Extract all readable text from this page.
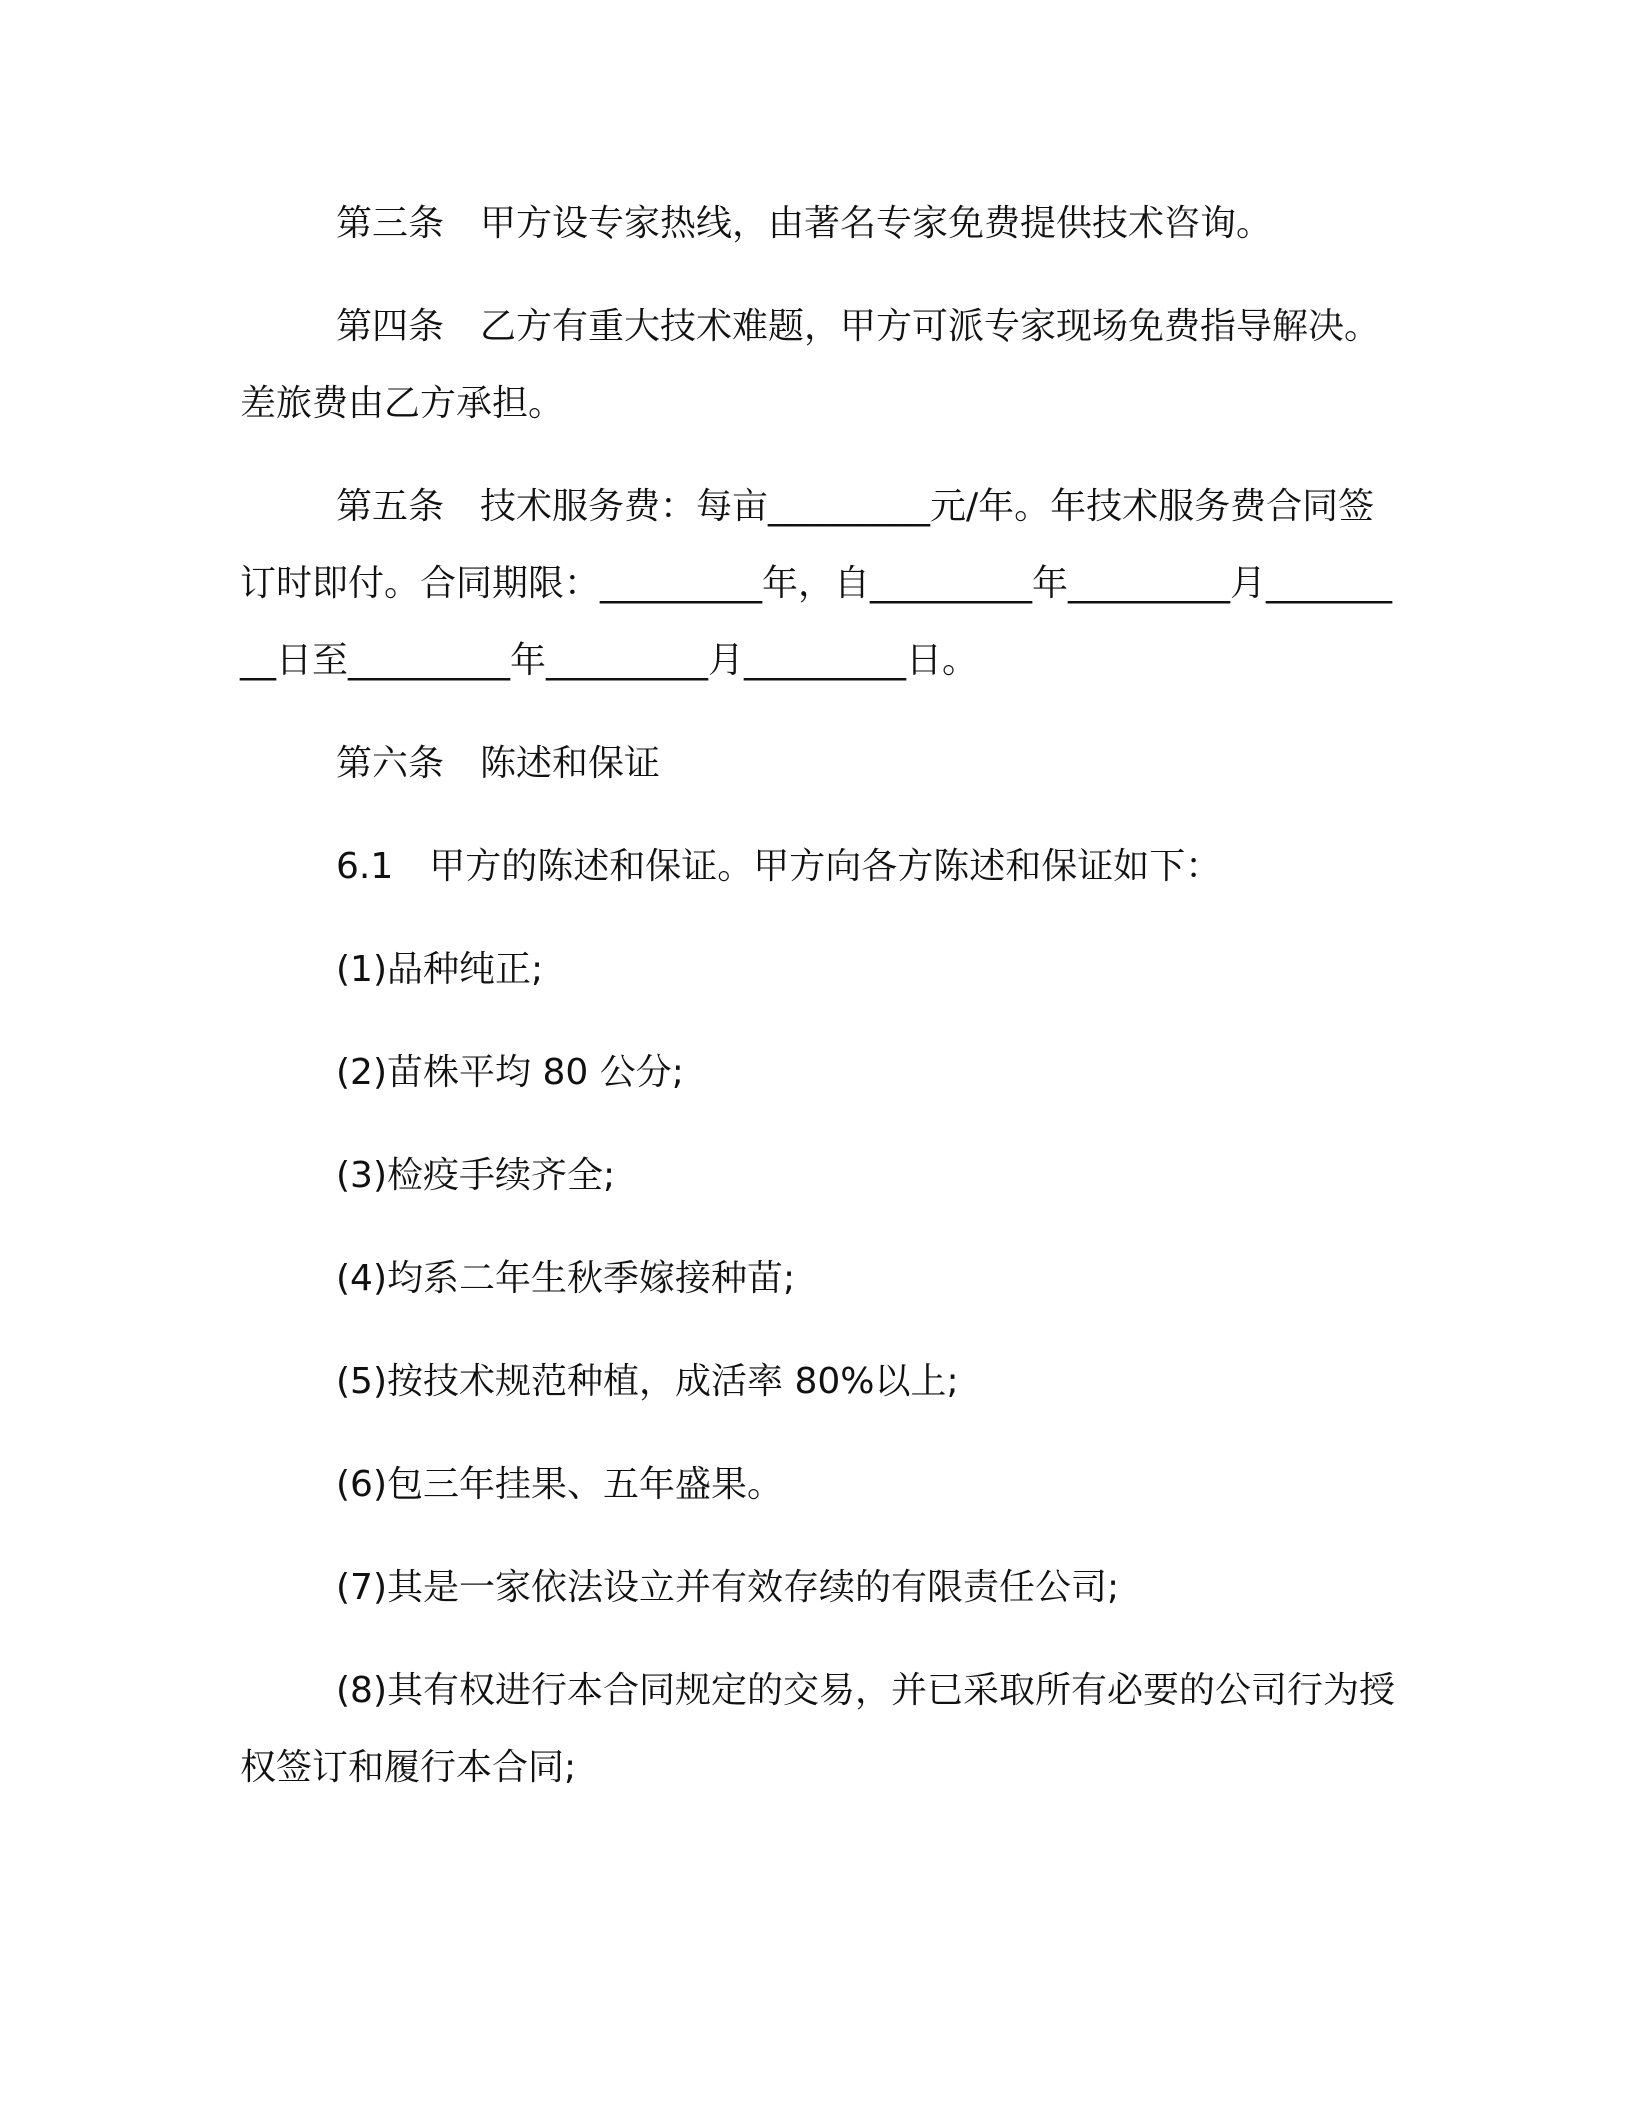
第三条　甲方设专家热线，由著名专家免费提供技术咨询。

第四条　乙方有重大技术难题，甲方可派专家现场免费指导解决。差旅费由乙方承担。

第五条　技术服务费：每亩_________元/年。年技术服务费合同签订时即付。合同期限：_________年，自_________年_________月_________日至_________年_________月_________日。

第六条　陈述和保证

6.1　甲方的陈述和保证。甲方向各方陈述和保证如下：

(1)品种纯正;

(2)苗株平均 80 公分;

(3)检疫手续齐全;

(4)均系二年生秋季嫁接种苗;

(5)按技术规范种植，成活率 80%以上;

(6)包三年挂果、五年盛果。

(7)其是一家依法设立并有效存续的有限责任公司;

(8)其有权进行本合同规定的交易，并已采取所有必要的公司行为授权签订和履行本合同;
